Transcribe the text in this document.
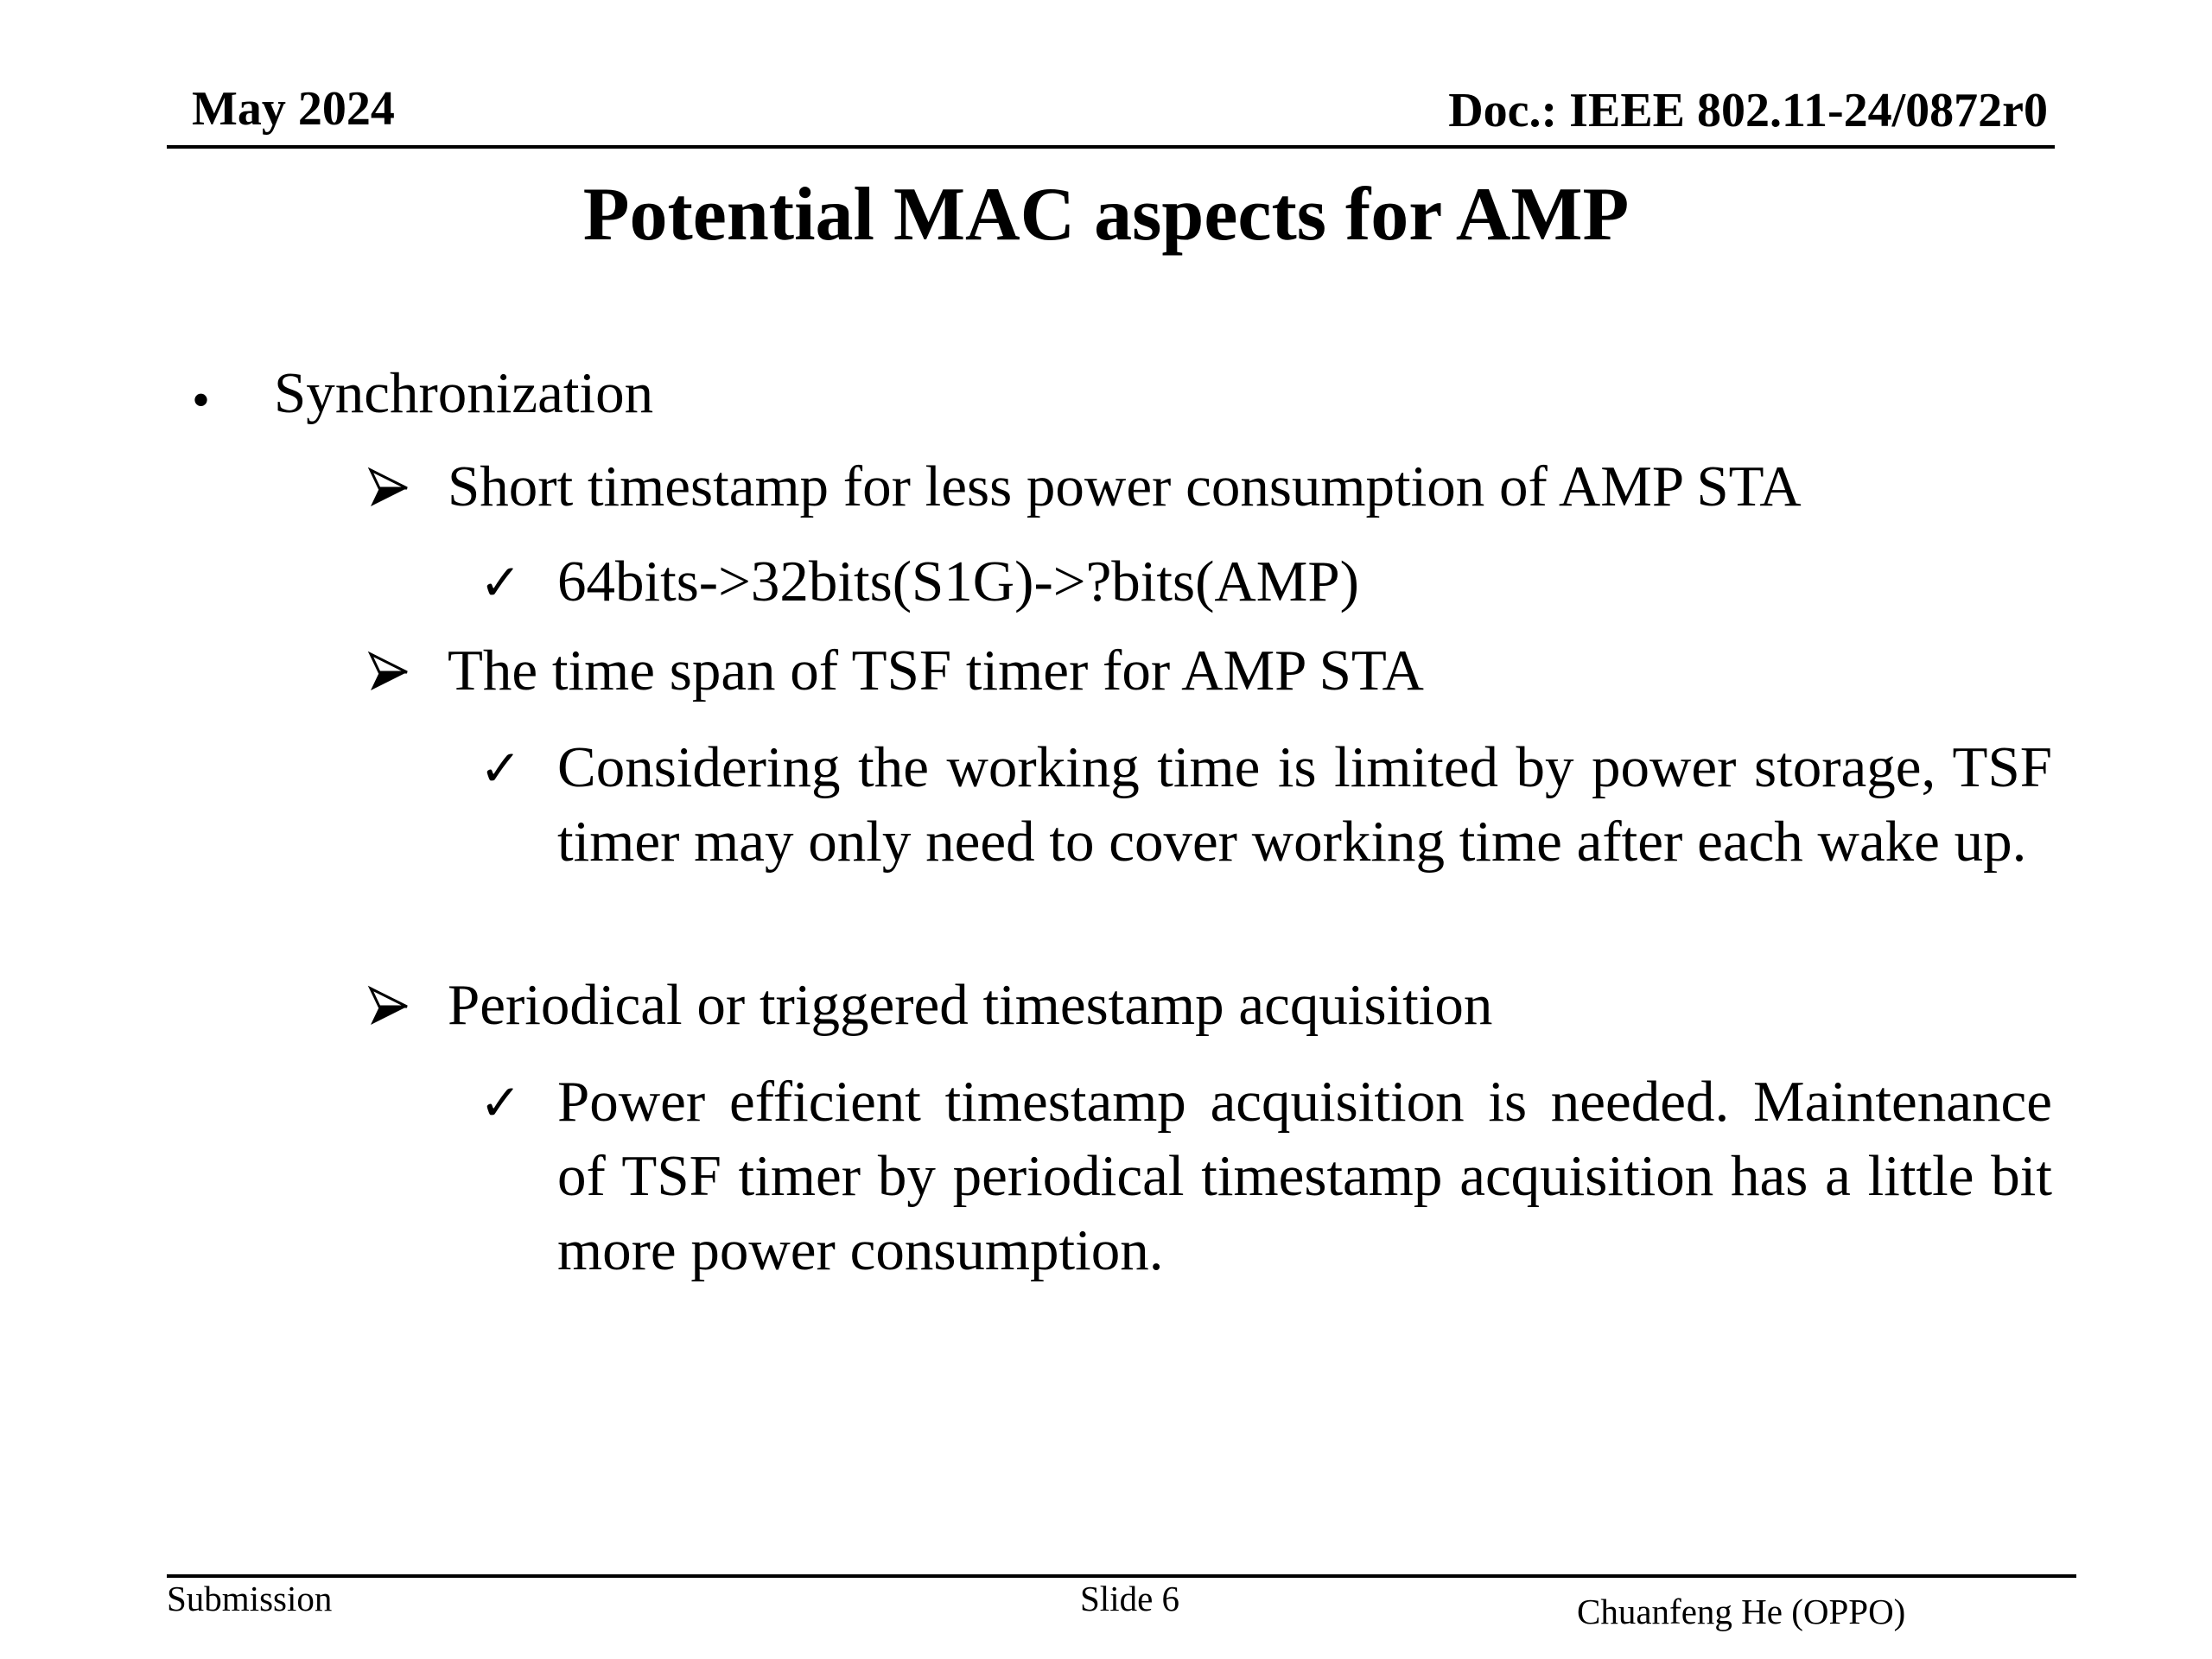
May 2024	Doc.: IEEE 802.11-24/0872r0
Potential MAC aspects for AMP
• Synchronization
Short timestamp for less power consumption of AMP STA
✓ 64bits->32bits(S1G)->?bits(AMP)
The time span of TSF timer for AMP STA
✓ Considering the working time is limited by power storage, TSF timer may only need to cover working time after each wake up.
Periodical or triggered timestamp acquisition
✓ Power efficient timestamp acquisition is needed. Maintenance of TSF timer by periodical timestamp acquisition has a little bit more power consumption.
Submission	Slide 6	Chuanfeng He (OPPO)
